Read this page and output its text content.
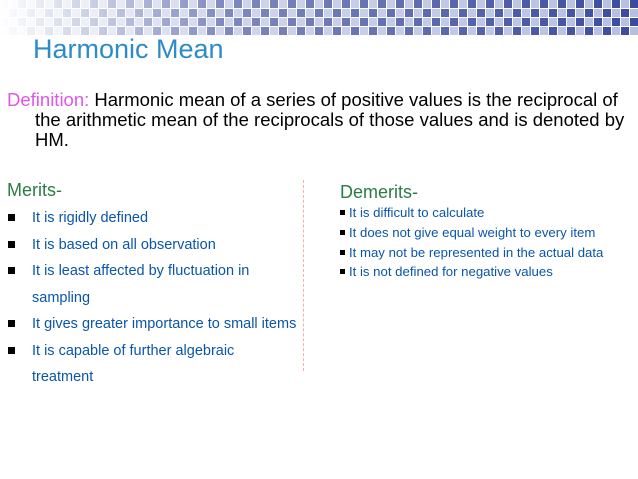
Harmonic Mean
Definition: Harmonic mean of a series of positive values is the reciprocal of the arithmetic mean of the reciprocals of those values and is denoted by HM.
Merits-	Demerits-
It is rigidly defined
It is based on all observation
It is least affected by fluctuation in sampling
It gives greater importance to small items
It is capable of further algebraic treatment
It is difficult to calculate
It does not give equal weight to every item
It may not be represented in the actual data
It is not defined for negative values
